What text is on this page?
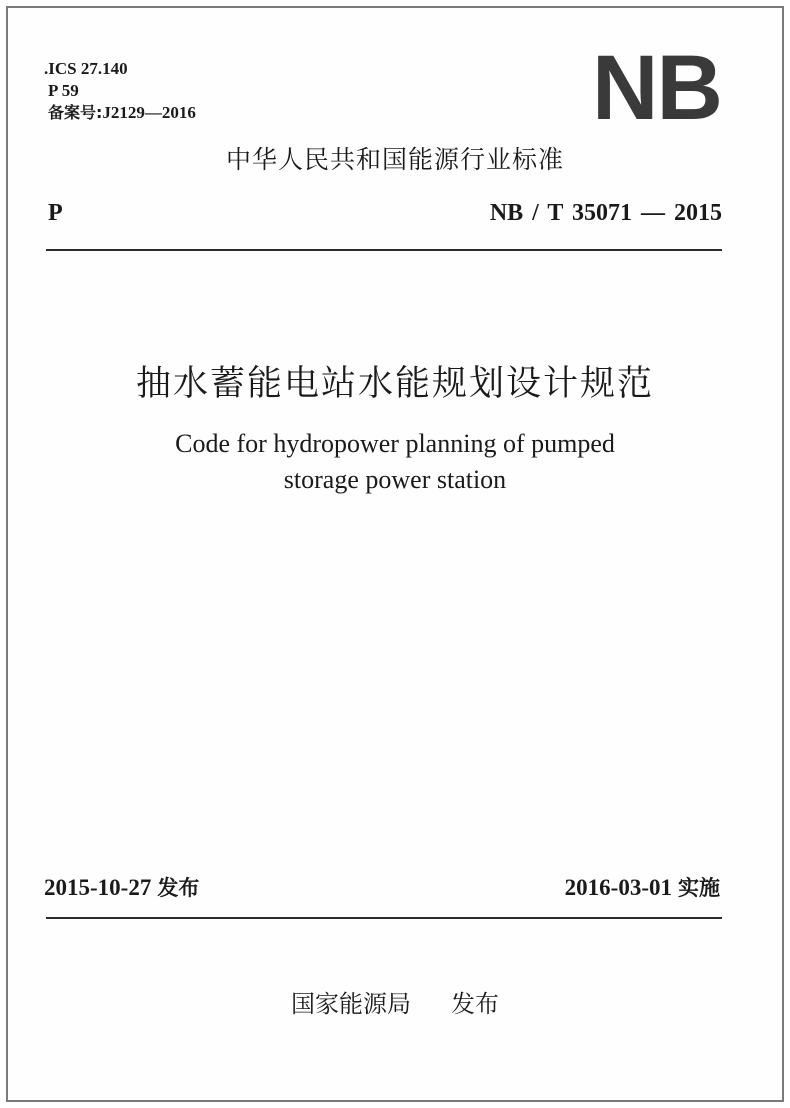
.ICS 27.140
P 59
备案号:J2129—2016	NB
中华人民共和国能源行业标准
P	NB / T 35071 — 2015
抽水蓄能电站水能规划设计规范
Code for hydropower planning of pumped
storage power station
2015-10-27 发布	2016-03-01 实施
国家能源局 发布
